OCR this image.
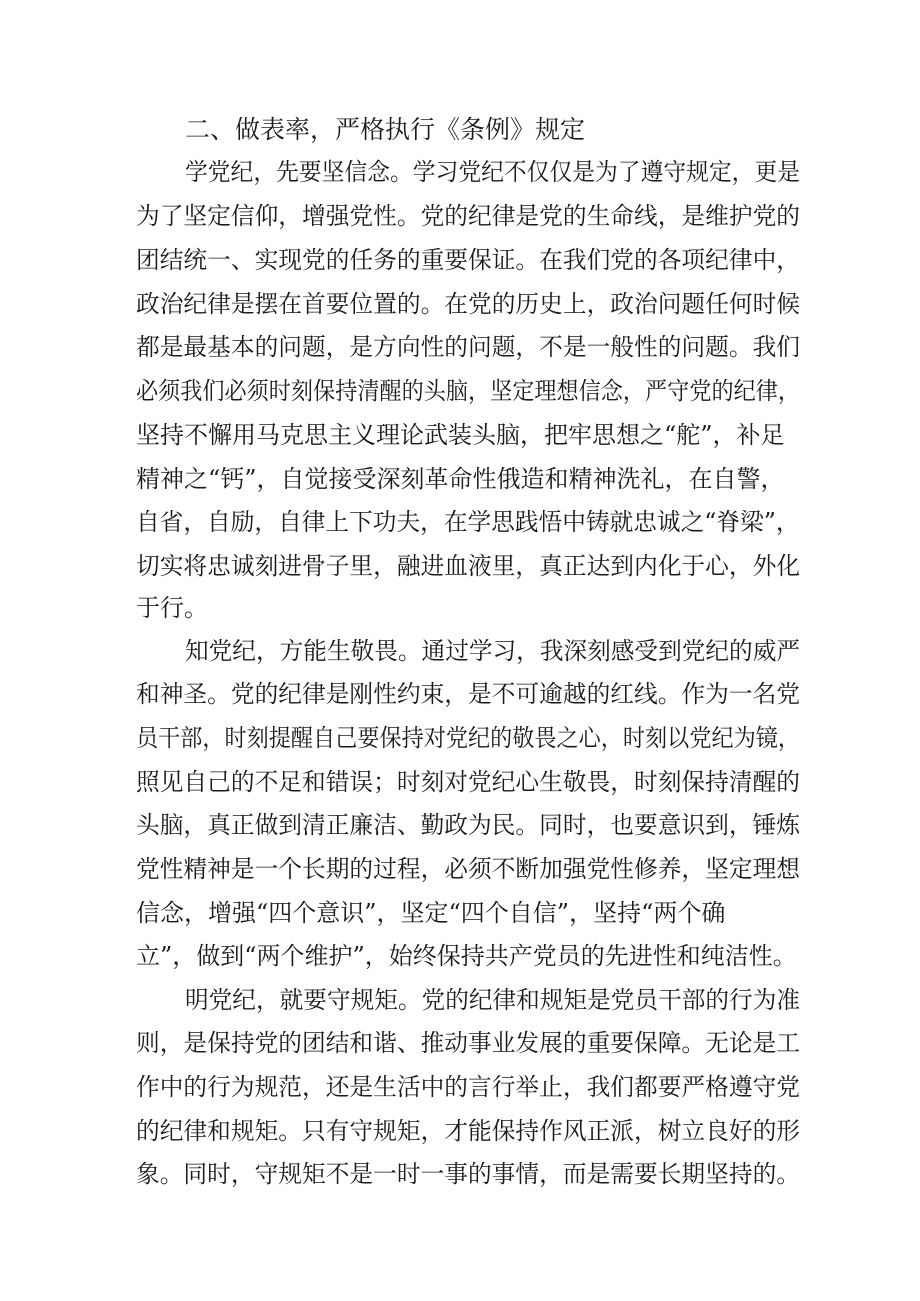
二、做表率，严格执行《条例》规定
学党纪，先要坚信念。学习党纪不仅仅是为了遵守规定，更是
为了坚定信仰，增强党性。党的纪律是党的生命线，是维护党的
团结统一、实现党的任务的重要保证。在我们党的各项纪律中，
政治纪律是摆在首要位置的。在党的历史上，政治问题任何时候
都是最基本的问题，是方向性的问题，不是一般性的问题。我们
必须我们必须时刻保持清醒的头脑，坚定理想信念，严守党的纪律，
坚持不懈用马克思主义理论武装头脑，把牢思想之“舵”，补足
精神之“钙”，自觉接受深刻革命性俄造和精神洗礼，在自警，
自省，自励，自律上下功夫，在学思践悟中铸就忠诚之“脊梁”，
切实将忠诚刻进骨子里，融进血液里，真正达到内化于心，外化
于行。
知党纪，方能生敬畏。通过学习，我深刻感受到党纪的威严
和神圣。党的纪律是刚性约束，是不可逾越的红线。作为一名党
员干部，时刻提醒自己要保持对党纪的敬畏之心，时刻以党纪为镜，
照见自己的不足和错误；时刻对党纪心生敬畏，时刻保持清醒的
头脑，真正做到清正廉洁、勤政为民。同时，也要意识到，锤炼
党性精神是一个长期的过程，必须不断加强党性修养，坚定理想
信念，增强“四个意识”，坚定“四个自信”，坚持“两个确
立”，做到“两个维护”，始终保持共产党员的先进性和纯洁性。
明党纪，就要守规矩。党的纪律和规矩是党员干部的行为准
则，是保持党的团结和谐、推动事业发展的重要保障。无论是工
作中的行为规范，还是生活中的言行举止，我们都要严格遵守党
的纪律和规矩。只有守规矩，才能保持作风正派，树立良好的形
象。同时，守规矩不是一时一事的事情，而是需要长期坚持的。
